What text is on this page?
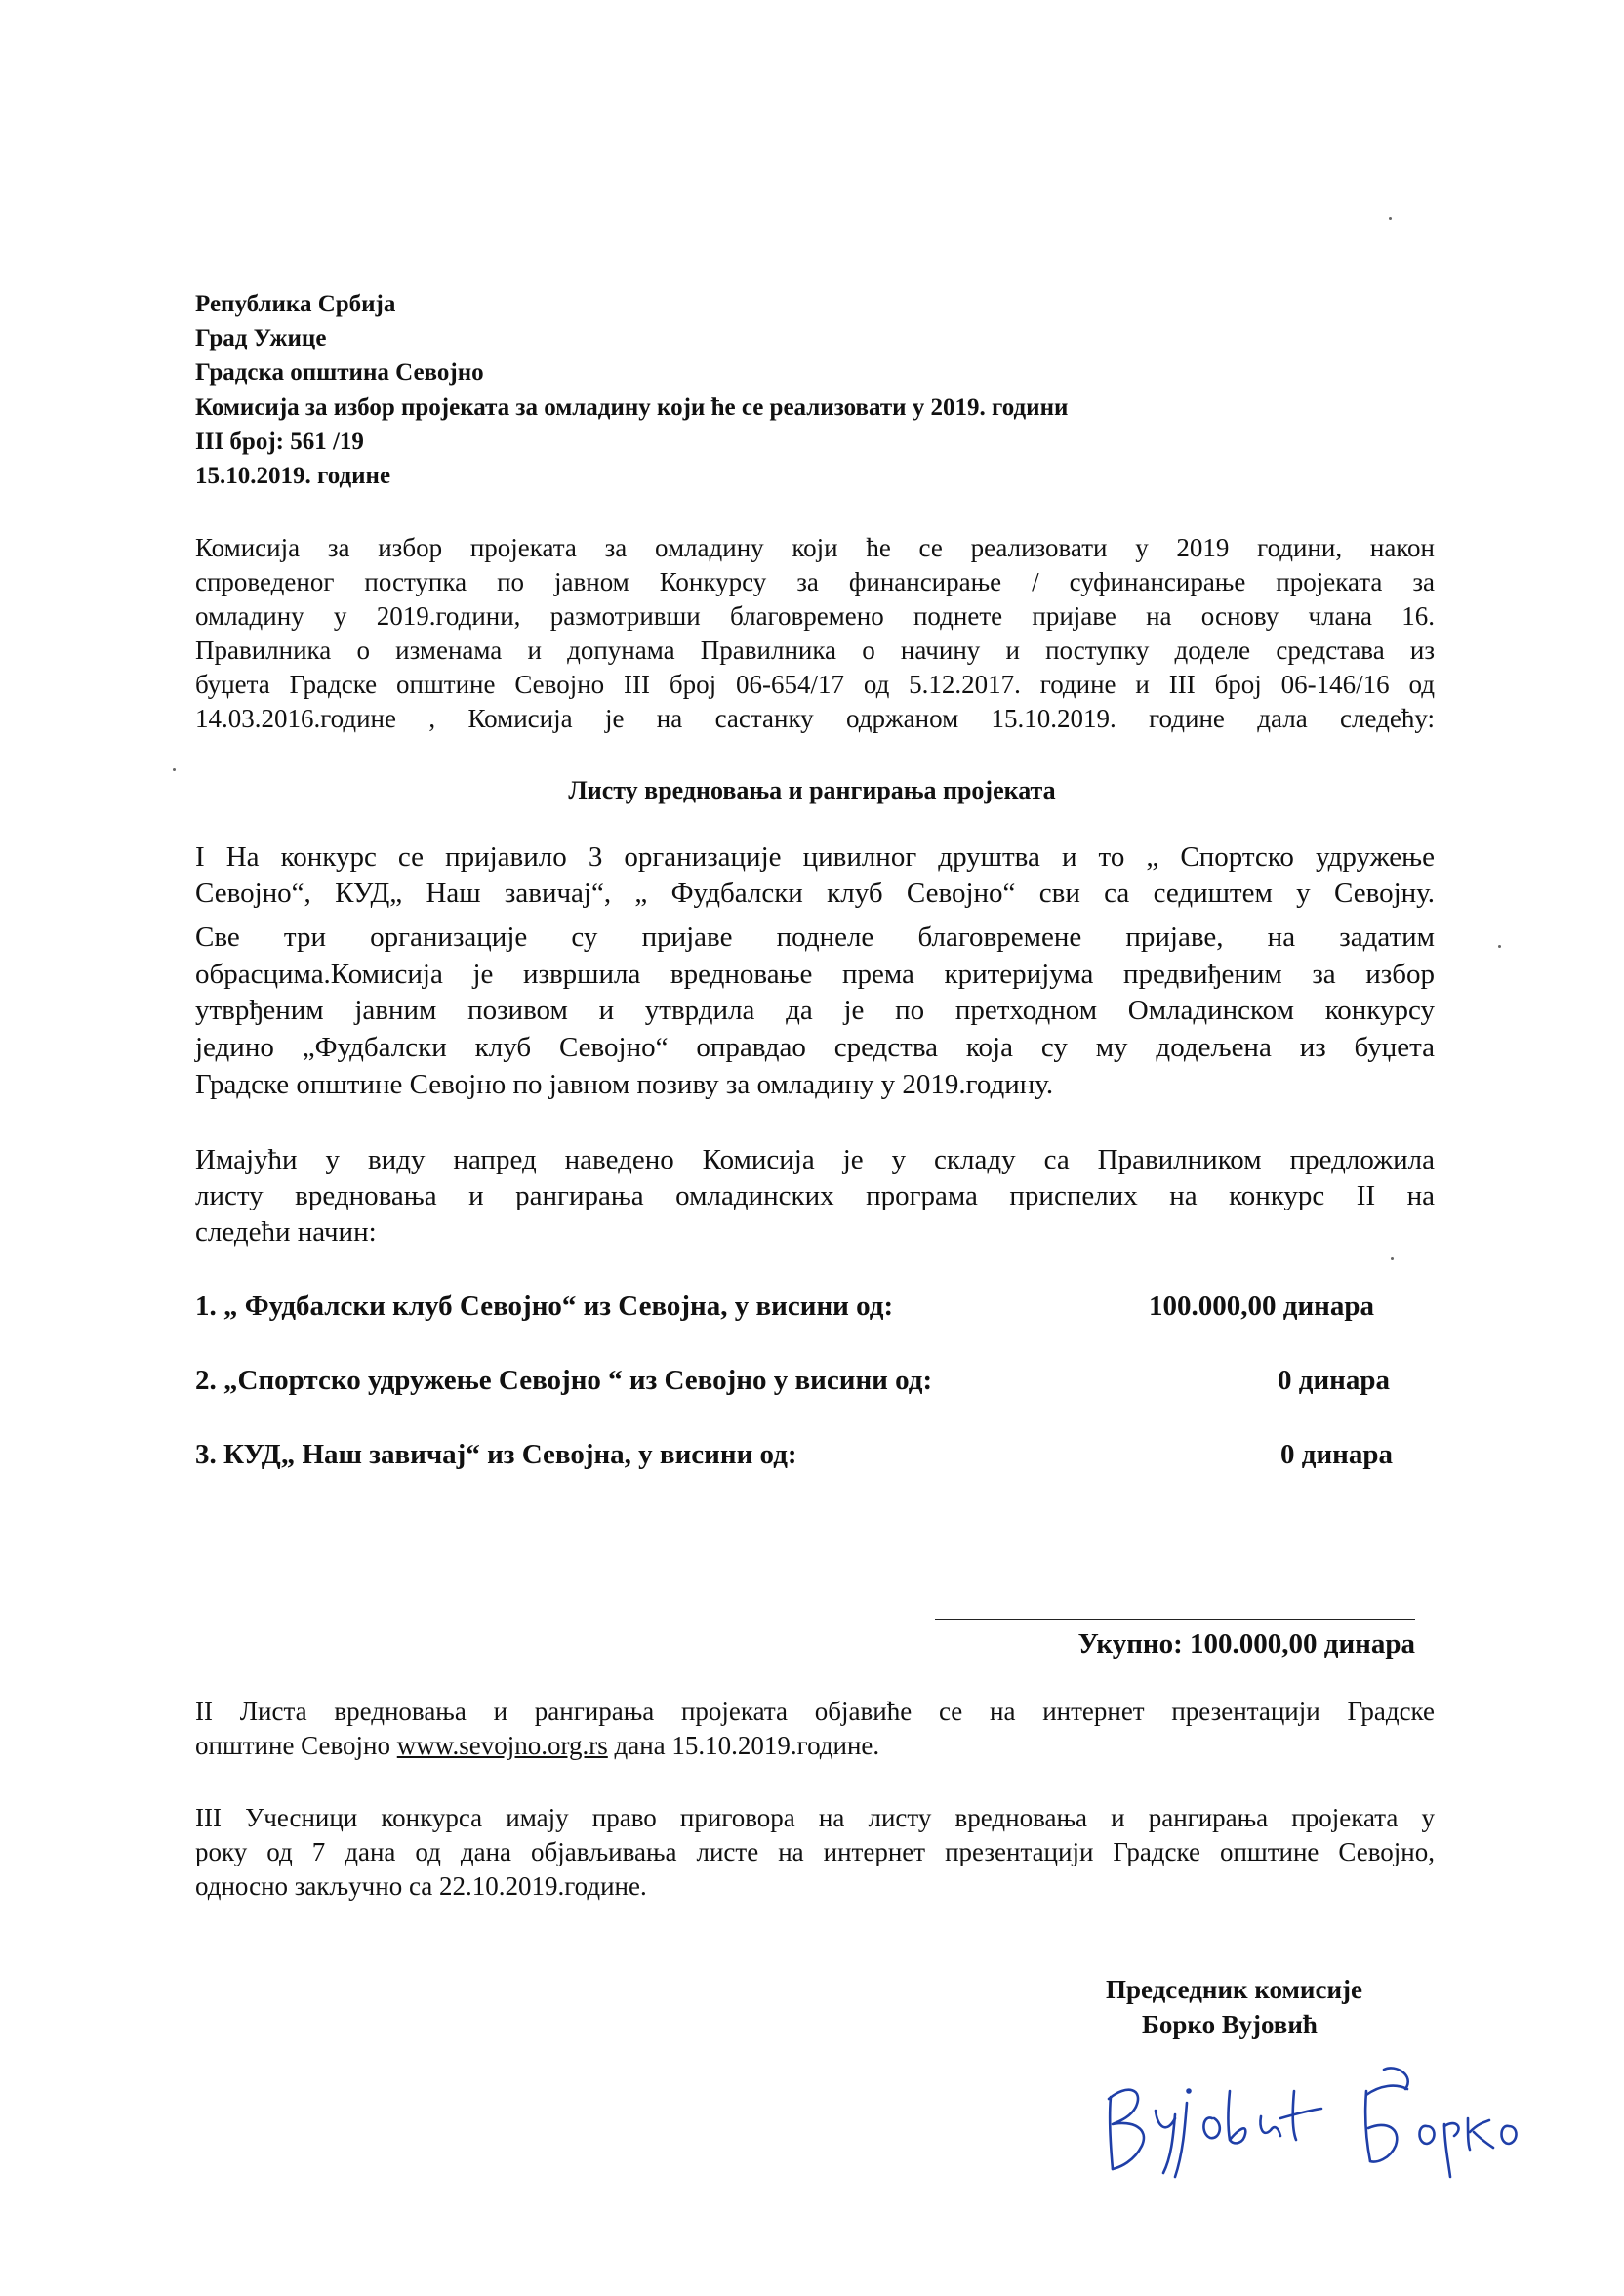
Република Србија
Град Ужице
Градска општина Севојно
Комисија за избор пројеката за омладину који ће се реализовати у 2019. години
III број: 561 /19
15.10.2019. године
Комисија за избор пројеката за омладину који ће се реализовати у 2019 години, након
спроведеног поступка по јавном Конкурсу за финансирање / суфинансирање пројеката за
омладину у 2019.години, размотривши благовремено поднете пријаве на основу члана 16.
Правилника о изменама и допунама Правилника о начину и поступку доделе средстава из
буџета Градске општине Севојно III број 06-654/17 од 5.12.2017. године и III број 06-146/16 од
14.03.2016.године , Комисија је на састанку одржаном 15.10.2019. године дала следећу:
Листу вредновања и рангирања пројеката
I На конкурс се пријавило 3 организације цивилног друштва и то „ Спортско удружење
Севојно“, КУД„ Наш завичај“, „ Фудбалски клуб Севојно“ сви са седиштем у Севојну.
Све три организације су пријаве поднеле благовремене пријаве, на задатим
обрасцима.Комисија је извршила вредновање према критеријума предвиђеним за избор
утврђеним јавним позивом и утврдила да је по претходном Омладинском конкурсу
једино „Фудбалски клуб Севојно“ оправдао средства која су му додељена из буџета
Градске општине Севојно по јавном позиву за омладину у 2019.годину.
Имајући у виду напред наведено Комисија је у складу са Правилником предложила
листу вредновања и рангирања омладинских програма приспелих на конкурс II на
следећи начин:
1. „ Фудбалски клуб Севојно“ из Севојна, у висини од:	100.000,00 динара
2. „Спортско удружење Севојно “ из Севојно у висини од:	0 динара
3. КУД„ Наш завичај“ из Севојна, у висини од:	0 динара
Укупно: 100.000,00 динара
II Листа вредновања и рангирања пројеката објавиће се на интернет презентацији Градске
општине Севојно www.sevojno.org.rs дана 15.10.2019.године.
III Учесници конкурса имају право приговора на листу вредновања и рангирања пројеката у
року од 7 дана од дана објављивања листе на интернет презентацији Градске општине Севојно,
односно закључно са 22.10.2019.године.
Председник комисије
Борко Вујовић
